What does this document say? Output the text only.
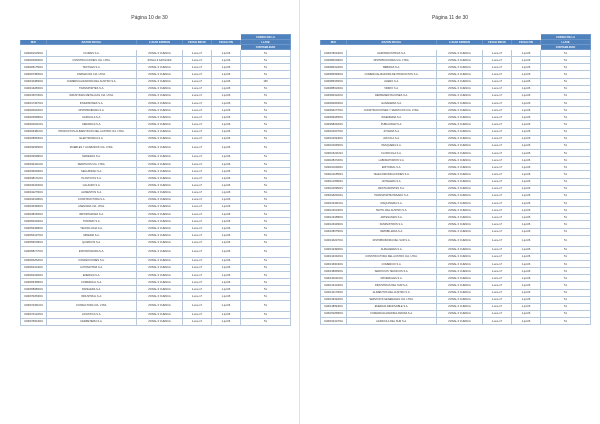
Página 10 de 30
					CODIGO DE LA
RUC	RAZON SOCIAL	LUGAR EMISION	FECHA INICIO	FECHA FIN	LLAVE
					CONTABILIDAD
0190001015001	FLORES S.A.	ZONAL 6 CUENCA	1-ene-17	1-jul-06	51
0190004969001	CONSTRUCCIONES CIA. LTDA.	ZONAL 6 AZOGUES	1-ene-17	1-jul-06	51
0190005175001	TEXTILES S.A.	ZONAL 6 CUENCA	1-ene-17	1-jul-06	51
0190007380001	FARMACIAS CIA. LTDA.	ZONAL 6 CUENCA	1-ene-17	1-jul-06	51
0190010489001	COMERCIALIZADORA DEL AUSTRO S.A.	ZONAL 6 CUENCA	1-ene-17	1-jul-06	165
0190013283001	TRANSPORTES S.A.	ZONAL 6 CUENCA	1-ene-17	1-jul-06	51
0190015073001	INDUSTRIAS METALICAS CIA. LTDA.	ZONAL 6 CUENCA	1-ene-17	1-jul-06	51
0190017467001	INVERSIONES S.A.	ZONAL 6 CUENCA	1-ene-17	1-jul-06	51
0190020042001	DISTRIBUIDORA S.A.	ZONAL 6 CUENCA	1-ene-17	1-jul-06	51
0190022568001	AGRICOLA S.A.	ZONAL 6 CUENCA	1-ene-17	1-jul-06	51
0190024021001	CERAMICA S.A.	ZONAL 6 CUENCA	1-ene-17	1-jul-06	51
0190026481001	PRODUCTOS ALIMENTICIOS DEL AUSTRO CIA. LTDA.	ZONAL 6 CUENCA	1-ene-17	1-jul-06	51
0190028050001	ELECTRONICA S.A.	ZONAL 6 CUENCA	1-ene-17	1-jul-06	51
0190030365001	MUEBLES Y ACABADOS CIA. LTDA.	ZONAL 6 CUENCA	1-ene-17	1-jul-06	51
0190032538001	MADERAS S.A.	ZONAL 6 CUENCA	1-ene-17	1-jul-06	51
0190034441001	SERVICIOS CIA. LTDA.	ZONAL 6 CUENCA	1-ene-17	1-jul-06	51
0190036029001	SEGURIDAD S.A.	ZONAL 6 CUENCA	1-ene-17	1-jul-06	51
0190038171001	PLASTICOS S.A.	ZONAL 6 CUENCA	1-ene-17	1-jul-06	51
0190040443001	CALZADO S.A.	ZONAL 6 CUENCA	1-ene-17	1-jul-06	51
0190042276001	ALIMENTOS S.A.	ZONAL 6 CUENCA	1-ene-17	1-jul-06	51
0190044418001	CONSTRUCTORA S.A.	ZONAL 6 CUENCA	1-ene-17	1-jul-06	51
0190046399001	ASESORIA CIA. LTDA.	ZONAL 6 CUENCA	1-ene-17	1-jul-06	51
0190048156001	IMPORTADORA S.A.	ZONAL 6 CUENCA	1-ene-17	1-jul-06	51
0190050320001	TURISMO S.A.	ZONAL 6 CUENCA	1-ene-17	1-jul-06	51
0190052498001	TECNOLOGIA S.A.	ZONAL 6 CUENCA	1-ene-17	1-jul-06	51
0190054147001	MINERIA S.A.	ZONAL 6 CUENCA	1-ene-17	1-jul-06	51
0190056018001	QUIMICOS S.A.	ZONAL 6 CUENCA	1-ene-17	1-jul-06	51
0190058177001	EXPORTADORA S.A.	ZONAL 6 CUENCA	1-ene-17	1-jul-06	51
0190060252001	CONFECCIONES S.A.	ZONAL 6 CUENCA	1-ene-17	1-jul-06	51
0190062314001	AUTOMOTRIZ S.A.	ZONAL 6 CUENCA	1-ene-17	1-jul-06	51
0190064196001	ENERGIA S.A.	ZONAL 6 CUENCA	1-ene-17	1-jul-06	51
0190066458001	COMERCIAL S.A.	ZONAL 6 CUENCA	1-ene-17	1-jul-06	51
0190068086001	PAPELERA S.A.	ZONAL 6 CUENCA	1-ene-17	1-jul-06	51
0190070253001	INDUSTRIAL S.A.	ZONAL 6 CUENCA	1-ene-17	1-jul-06	51
0190072361001	CONSULTORA CIA. LTDA.	ZONAL 6 CUENCA	1-ene-17	1-jul-06	51
0190074122001	LOGISTICA S.A.	ZONAL 6 CUENCA	1-ene-17	1-jul-06	51
0190076004001	FERRETERIA S.A.	ZONAL 6 CUENCA	1-ene-17	1-jul-06	51
Página 11 de 30
					CODIGO DE LA
RUC	RAZON SOCIAL	LUGAR EMISION	FECHA INICIO	FECHA FIN	LLAVE
					CONTABILIDAD
0190078244001	AGROINDUSTRIAS S.A.	ZONAL 6 CUENCA	1-ene-17	1-jul-06	51
0190080018001	DISTRIBUCIONES CIA. LTDA.	ZONAL 6 CUENCA	1-ene-17	1-jul-06	51
0190082312001	BEBIDAS S.A.	ZONAL 6 CUENCA	1-ene-17	1-jul-06	51
0190084099001	COMERCIALIZADORA DE PRODUCTOS S.A.	ZONAL 6 CUENCA	1-ene-17	1-jul-06	51
0190086156001	ACERO S.A.	ZONAL 6 CUENCA	1-ene-17	1-jul-06	51
0190088310001	VIDRIO S.A.	ZONAL 6 CUENCA	1-ene-17	1-jul-06	51
0190090412001	REPRESENTACIONES S.A.	ZONAL 6 CUENCA	1-ene-17	1-jul-06	51
0190092063001	GANADERIA S.A.	ZONAL 6 CUENCA	1-ene-17	1-jul-06	51
0190094277001	CONSTRUCCIONES Y SERVICIOS CIA. LTDA.	ZONAL 6 CUENCA	1-ene-17	1-jul-06	51
0190096180001	INGENIERIA S.A.	ZONAL 6 CUENCA	1-ene-17	1-jul-06	51
0190098342001	PUBLICIDAD S.A.	ZONAL 6 CUENCA	1-ene-17	1-jul-06	51
0190100107001	JOYERIA S.A.	ZONAL 6 CUENCA	1-ene-17	1-jul-06	51
0190102294001	AVICOLA S.A.	ZONAL 6 CUENCA	1-ene-17	1-jul-06	51
0190104035001	PESQUERA S.A.	ZONAL 6 CUENCA	1-ene-17	1-jul-06	51
0190106211001	FLORICOLA S.A.	ZONAL 6 CUENCA	1-ene-17	1-jul-06	51
0190108472001	LABORATORIOS S.A.	ZONAL 6 CUENCA	1-ene-17	1-jul-06	51
0190110029001	EDITORIAL S.A.	ZONAL 6 CUENCA	1-ene-17	1-jul-06	51
0190112186001	TELECOMUNICACIONES S.A.	ZONAL 6 CUENCA	1-ene-17	1-jul-06	51
0190114358001	HOTELERA S.A.	ZONAL 6 CUENCA	1-ene-17	1-jul-06	51
0190116095001	RESTAURANTES S.A.	ZONAL 6 CUENCA	1-ene-17	1-jul-06	51
0190118264001	TRANSPORTE PESADO S.A.	ZONAL 6 CUENCA	1-ene-17	1-jul-06	51
0190120431001	MAQUINARIA S.A.	ZONAL 6 CUENCA	1-ene-17	1-jul-06	51
0190122013001	TEXTIL DEL AUSTRO S.A.	ZONAL 6 CUENCA	1-ene-17	1-jul-06	51
0190124188001	ARTESANIAS S.A.	ZONAL 6 CUENCA	1-ene-17	1-jul-06	51
0190126349001	SUMINISTROS S.A.	ZONAL 6 CUENCA	1-ene-17	1-jul-06	51
0190128075001	INMOBILIARIA S.A.	ZONAL 6 CUENCA	1-ene-17	1-jul-06	51
0190130227001	DISTRIBUIDORA DEL SUR S.A.	ZONAL 6 CUENCA	1-ene-17	1-jul-06	51
0190132490001	ALMACENES S.A.	ZONAL 6 CUENCA	1-ene-17	1-jul-06	51
0190134152001	CONSTRUCTORA DEL AUSTRO CIA. LTDA.	ZONAL 6 CUENCA	1-ene-17	1-jul-06	51
0190136304001	COMERCIO S.A.	ZONAL 6 CUENCA	1-ene-17	1-jul-06	51
0190138066001	SERVICIOS TECNICOS S.A.	ZONAL 6 CUENCA	1-ene-17	1-jul-06	51
0190140241001	MATERIALES S.A.	ZONAL 6 CUENCA	1-ene-17	1-jul-06	51
0190142413001	INDUSTRIAS DEL SUR S.A.	ZONAL 6 CUENCA	1-ene-17	1-jul-06	51
0190144170001	ALIMENTOS DEL AUSTRO S.A.	ZONAL 6 CUENCA	1-ene-17	1-jul-06	51
0190146332001	SERVICIOS GENERALES CIA. LTDA.	ZONAL 6 CUENCA	1-ene-17	1-jul-06	51
0190148094001	ENERGIA RENOVABLE S.A.	ZONAL 6 CUENCA	1-ene-17	1-jul-06	51
0190150258001	COMERCIALIZADORA ANDINA S.A.	ZONAL 6 CUENCA	1-ene-17	1-jul-06	51
0190152417001	AGRICOLA DEL SUR S.A.	ZONAL 6 CUENCA	1-ene-17	1-jul-06	51
